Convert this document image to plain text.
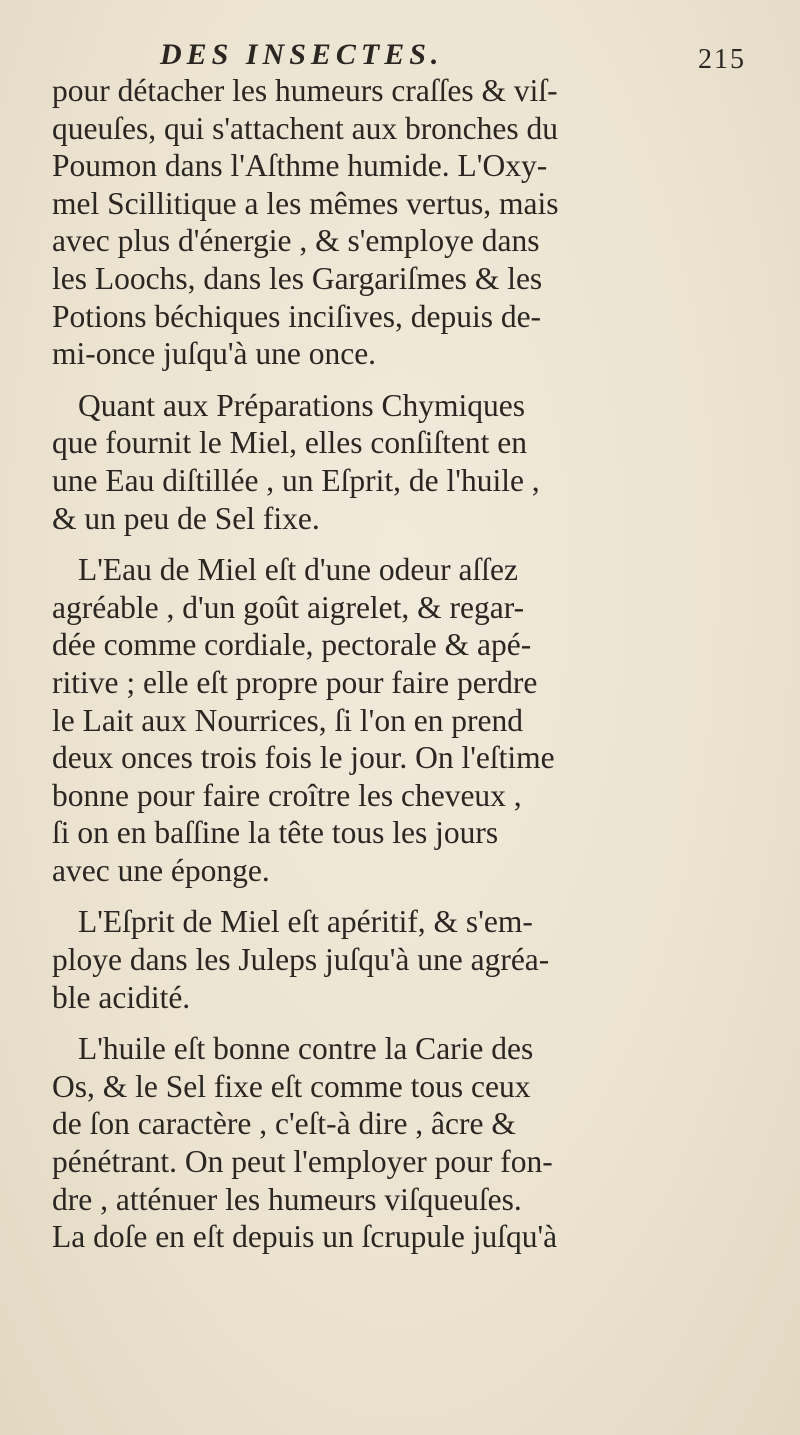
DES INSECTES.	215
pour détacher les humeurs craſſes & viſ-
queuſes, qui s'attachent aux bronches du
Poumon dans l'Aſthme humide. L'Oxy-
mel Scillitique a les mêmes vertus, mais
avec plus d'énergie , & s'employe dans
les Loochs, dans les Gargariſmes & les
Potions béchiques inciſives, depuis de-
mi-once juſqu'à une once.
Quant aux Préparations Chymiques
que fournit le Miel, elles conſiſtent en
une Eau diſtillée , un Eſprit, de l'huile ,
& un peu de Sel fixe.
L'Eau de Miel eſt d'une odeur aſſez
agréable , d'un goût aigrelet, & regar-
dée comme cordiale, pectorale & apé-
ritive ; elle eſt propre pour faire perdre
le Lait aux Nourrices, ſi l'on en prend
deux onces trois fois le jour. On l'eſtime
bonne pour faire croître les cheveux ,
ſi on en baſſine la tête tous les jours
avec une éponge.
L'Eſprit de Miel eſt apéritif, & s'em-
ploye dans les Juleps juſqu'à une agréa-
ble acidité.
L'huile eſt bonne contre la Carie des
Os, & le Sel fixe eſt comme tous ceux
de ſon caractère , c'eſt-à dire , âcre &
pénétrant. On peut l'employer pour fon-
dre , atténuer les humeurs viſqueuſes.
La doſe en eſt depuis un ſcrupule juſqu'à
